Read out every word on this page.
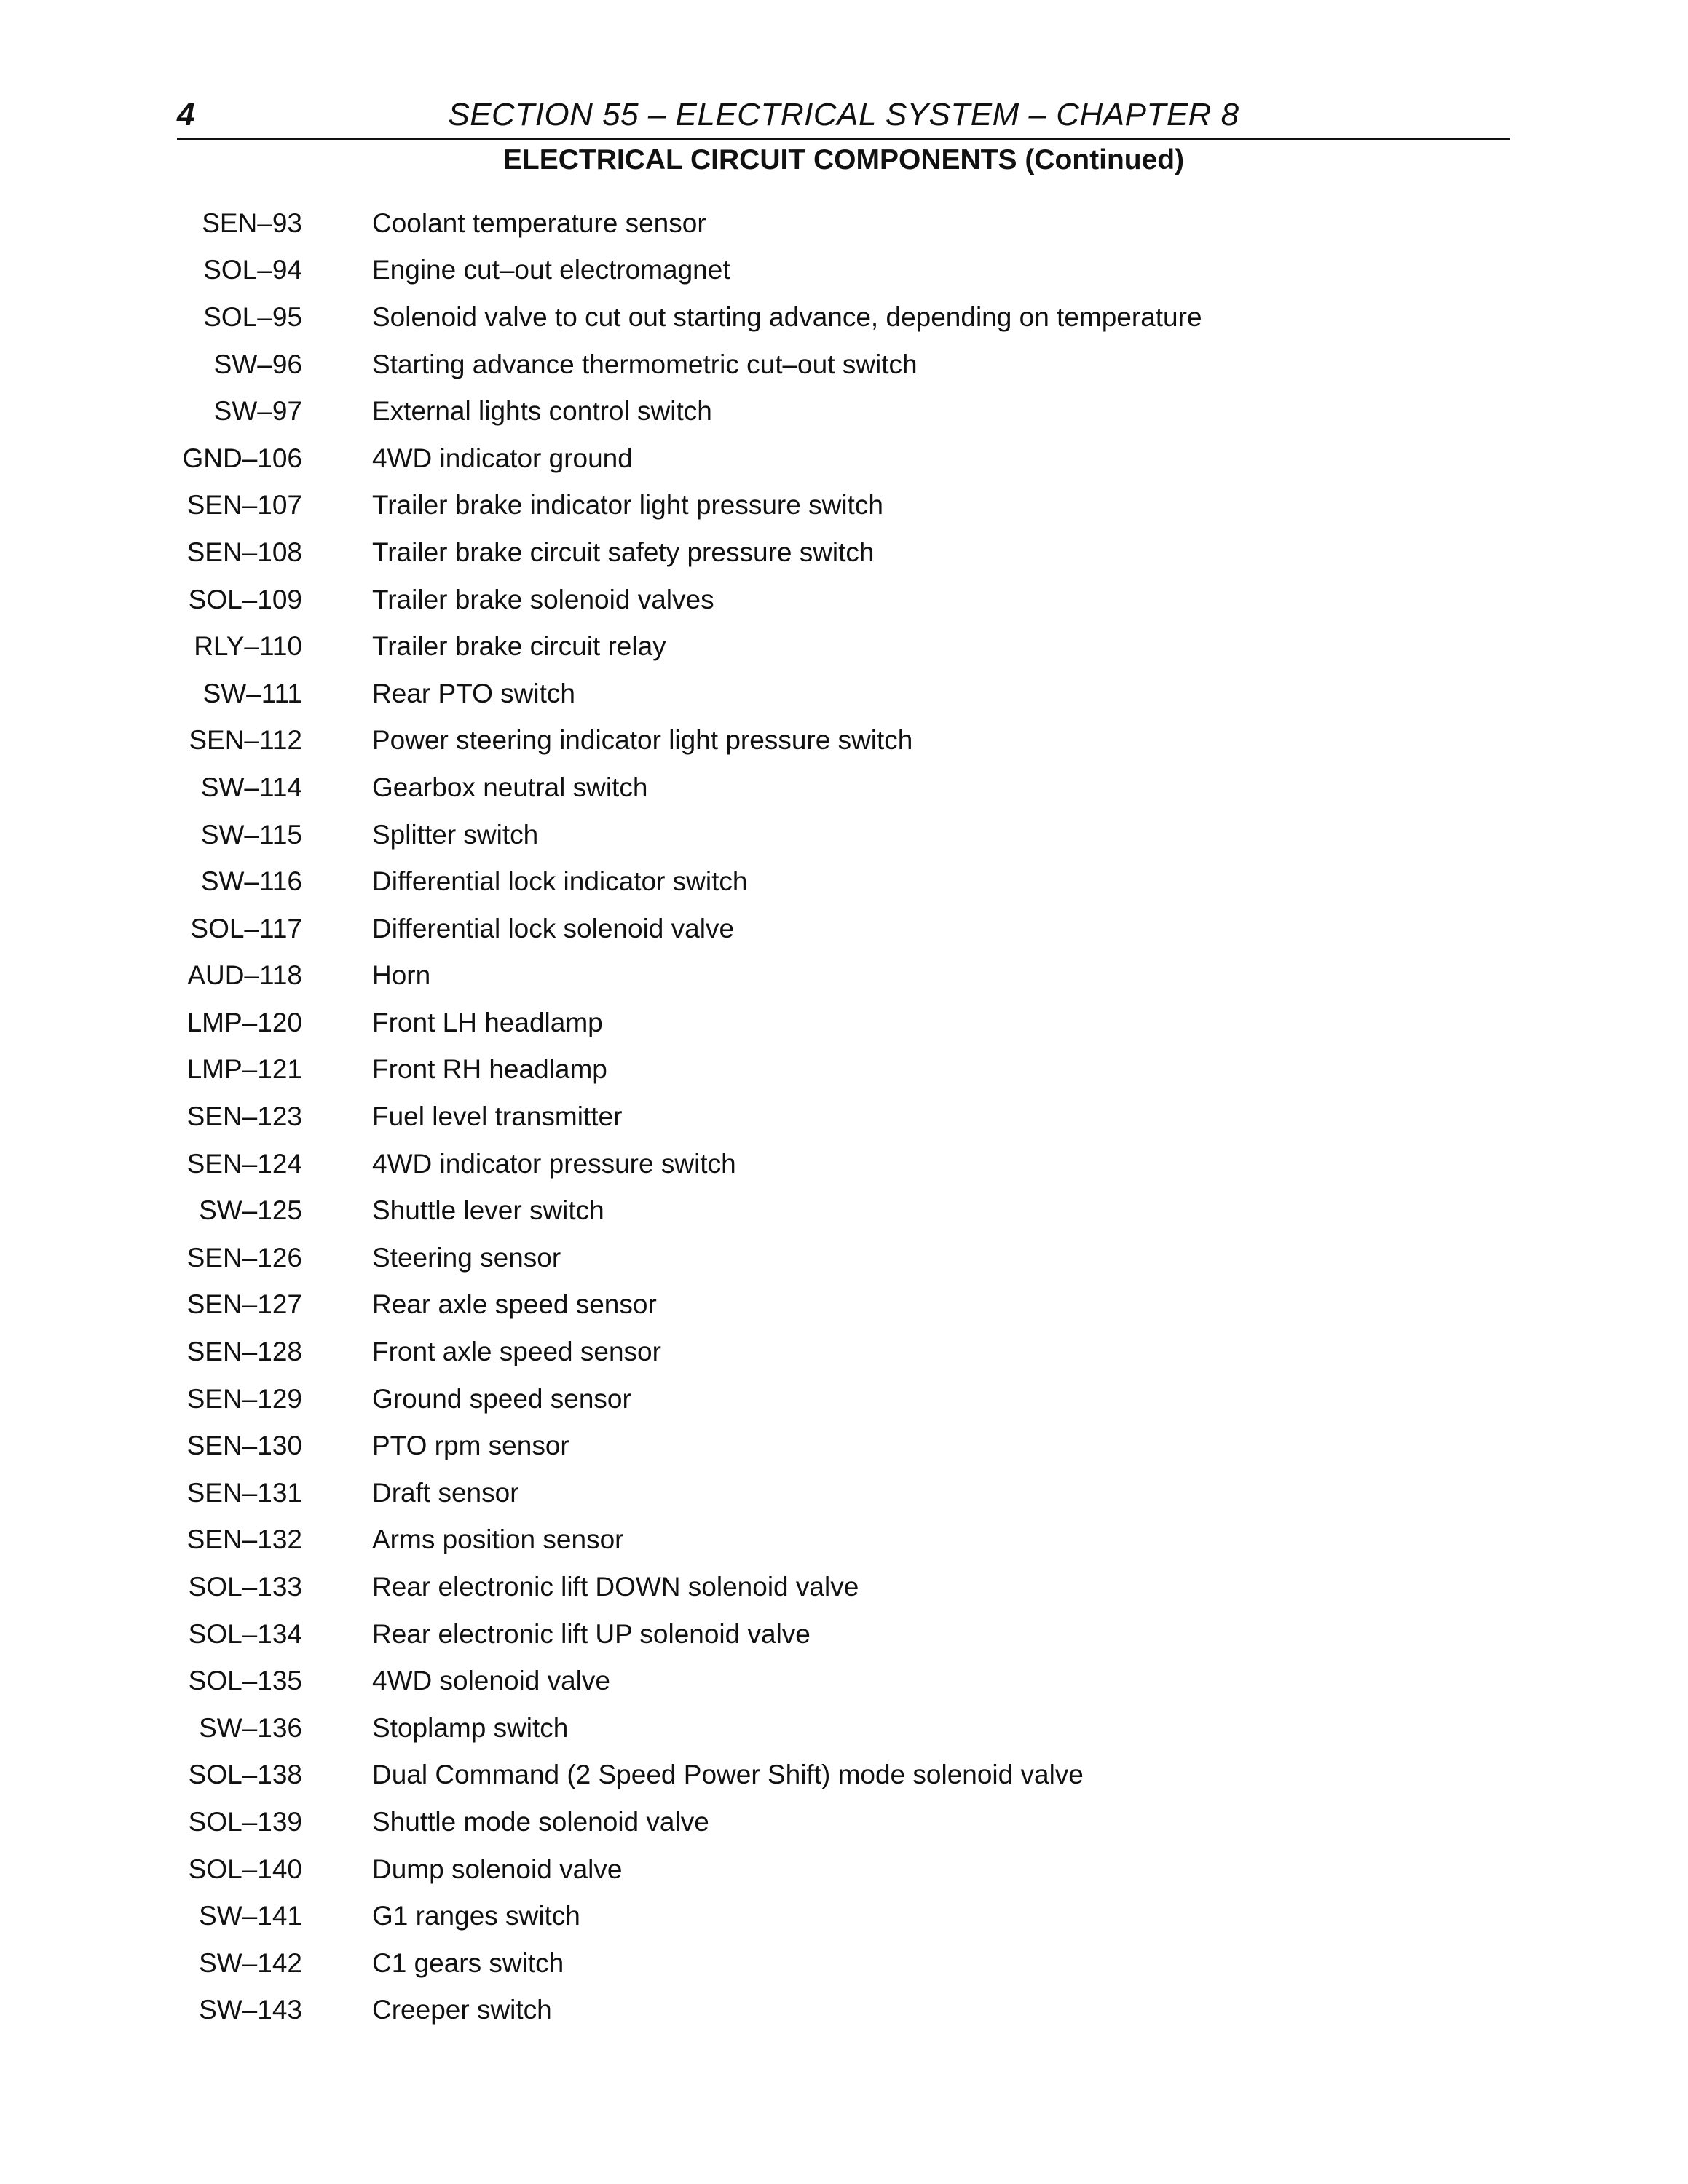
4	SECTION 55 – ELECTRICAL SYSTEM – CHAPTER 8
ELECTRICAL CIRCUIT COMPONENTS (Continued)
SEN–93	Coolant temperature sensor
SOL–94	Engine cut–out electromagnet
SOL–95	Solenoid valve to cut out starting advance, depending on temperature
SW–96	Starting advance thermometric cut–out switch
SW–97	External lights control switch
GND–106	4WD indicator ground
SEN–107	Trailer brake indicator light pressure switch
SEN–108	Trailer brake circuit safety pressure switch
SOL–109	Trailer brake solenoid valves
RLY–110	Trailer brake circuit relay
SW–111	Rear PTO switch
SEN–112	Power steering indicator light pressure switch
SW–114	Gearbox neutral switch
SW–115	Splitter switch
SW–116	Differential lock indicator switch
SOL–117	Differential lock solenoid valve
AUD–118	Horn
LMP–120	Front LH headlamp
LMP–121	Front RH headlamp
SEN–123	Fuel level transmitter
SEN–124	4WD indicator pressure switch
SW–125	Shuttle lever switch
SEN–126	Steering sensor
SEN–127	Rear axle speed sensor
SEN–128	Front axle speed sensor
SEN–129	Ground speed sensor
SEN–130	PTO rpm sensor
SEN–131	Draft sensor
SEN–132	Arms position sensor
SOL–133	Rear electronic lift DOWN solenoid valve
SOL–134	Rear electronic lift UP solenoid valve
SOL–135	4WD solenoid valve
SW–136	Stoplamp switch
SOL–138	Dual Command (2 Speed Power Shift) mode solenoid valve
SOL–139	Shuttle mode solenoid valve
SOL–140	Dump solenoid valve
SW–141	G1 ranges switch
SW–142	C1 gears switch
SW–143	Creeper switch
